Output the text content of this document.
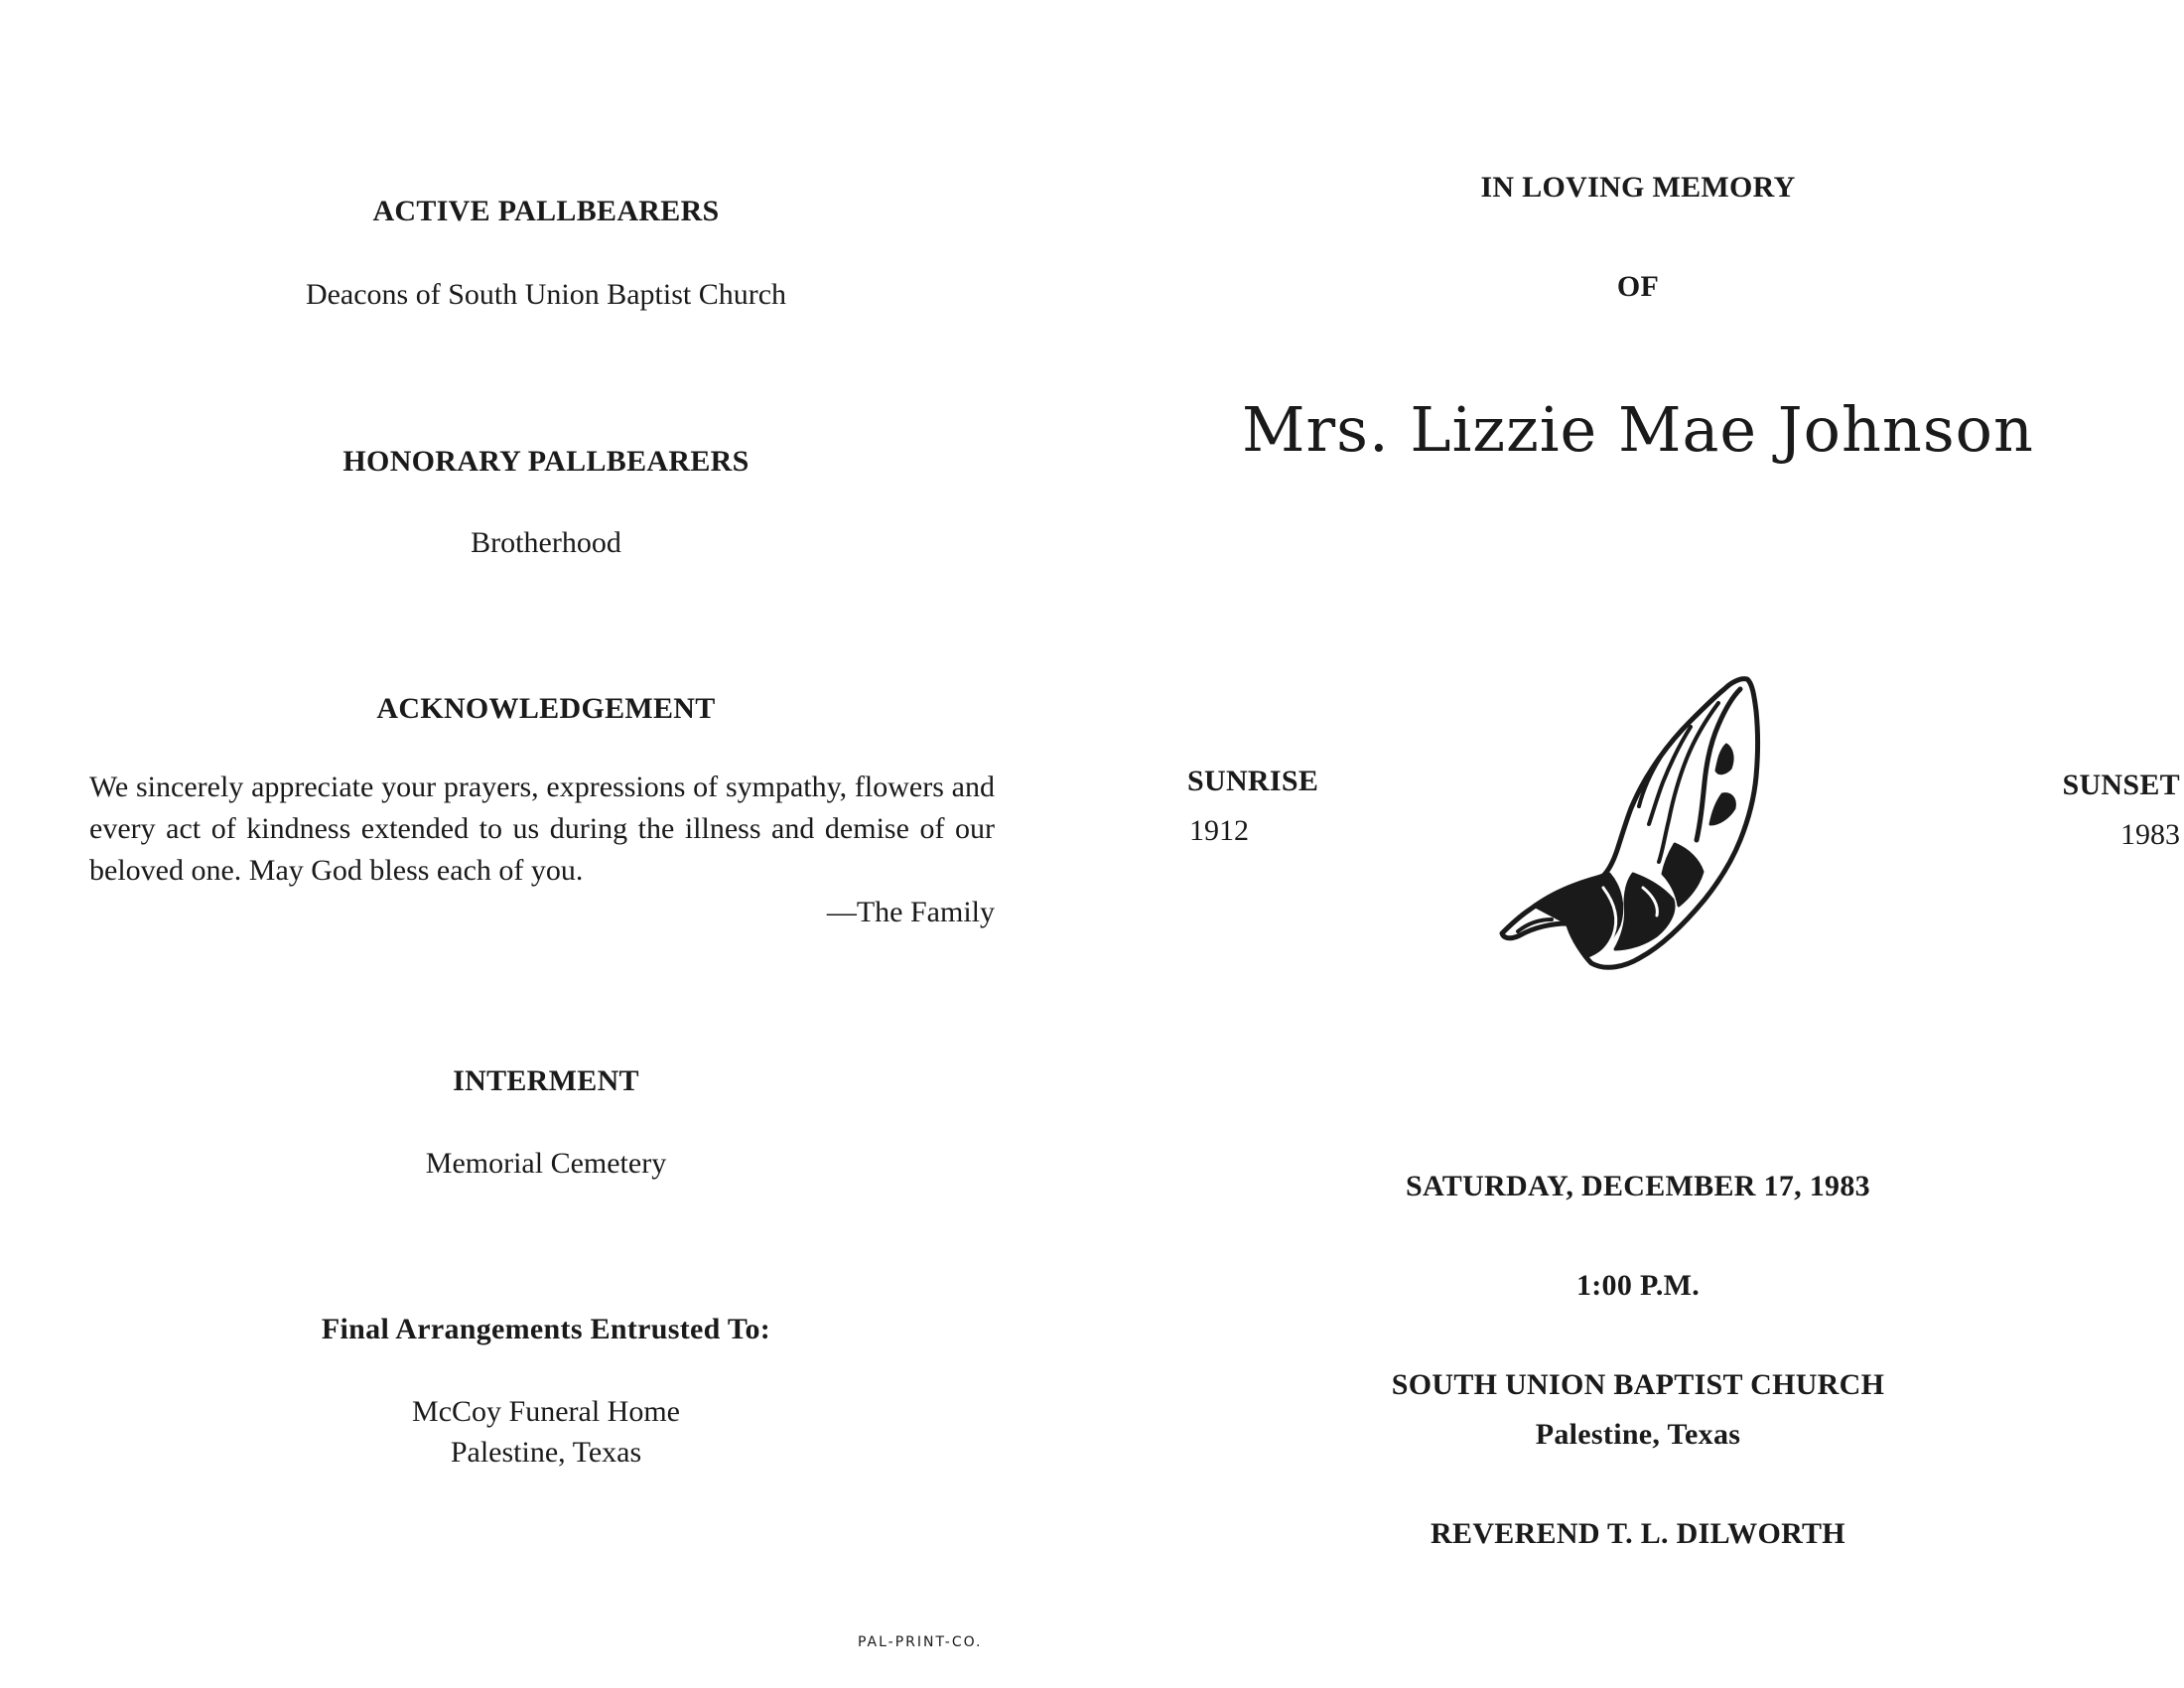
ACTIVE PALLBEARERS
Deacons of South Union Baptist Church
HONORARY PALLBEARERS
Brotherhood
ACKNOWLEDGEMENT
We sincerely appreciate your prayers, expressions of sympathy, flowers and every act of kindness extended to us during the illness and demise of our beloved one. May God bless each of you.
—The Family
INTERMENT
Memorial Cemetery
Final Arrangements Entrusted To:
McCoy Funeral Home
Palestine, Texas
PAL-PRINT-CO.
IN LOVING MEMORY
OF
Mrs. Lizzie Mae Johnson
SUNRISE
1912
SUNSET
1983
SATURDAY, DECEMBER 17, 1983
1:00 P.M.
SOUTH UNION BAPTIST CHURCH
Palestine, Texas
REVEREND T. L. DILWORTH
